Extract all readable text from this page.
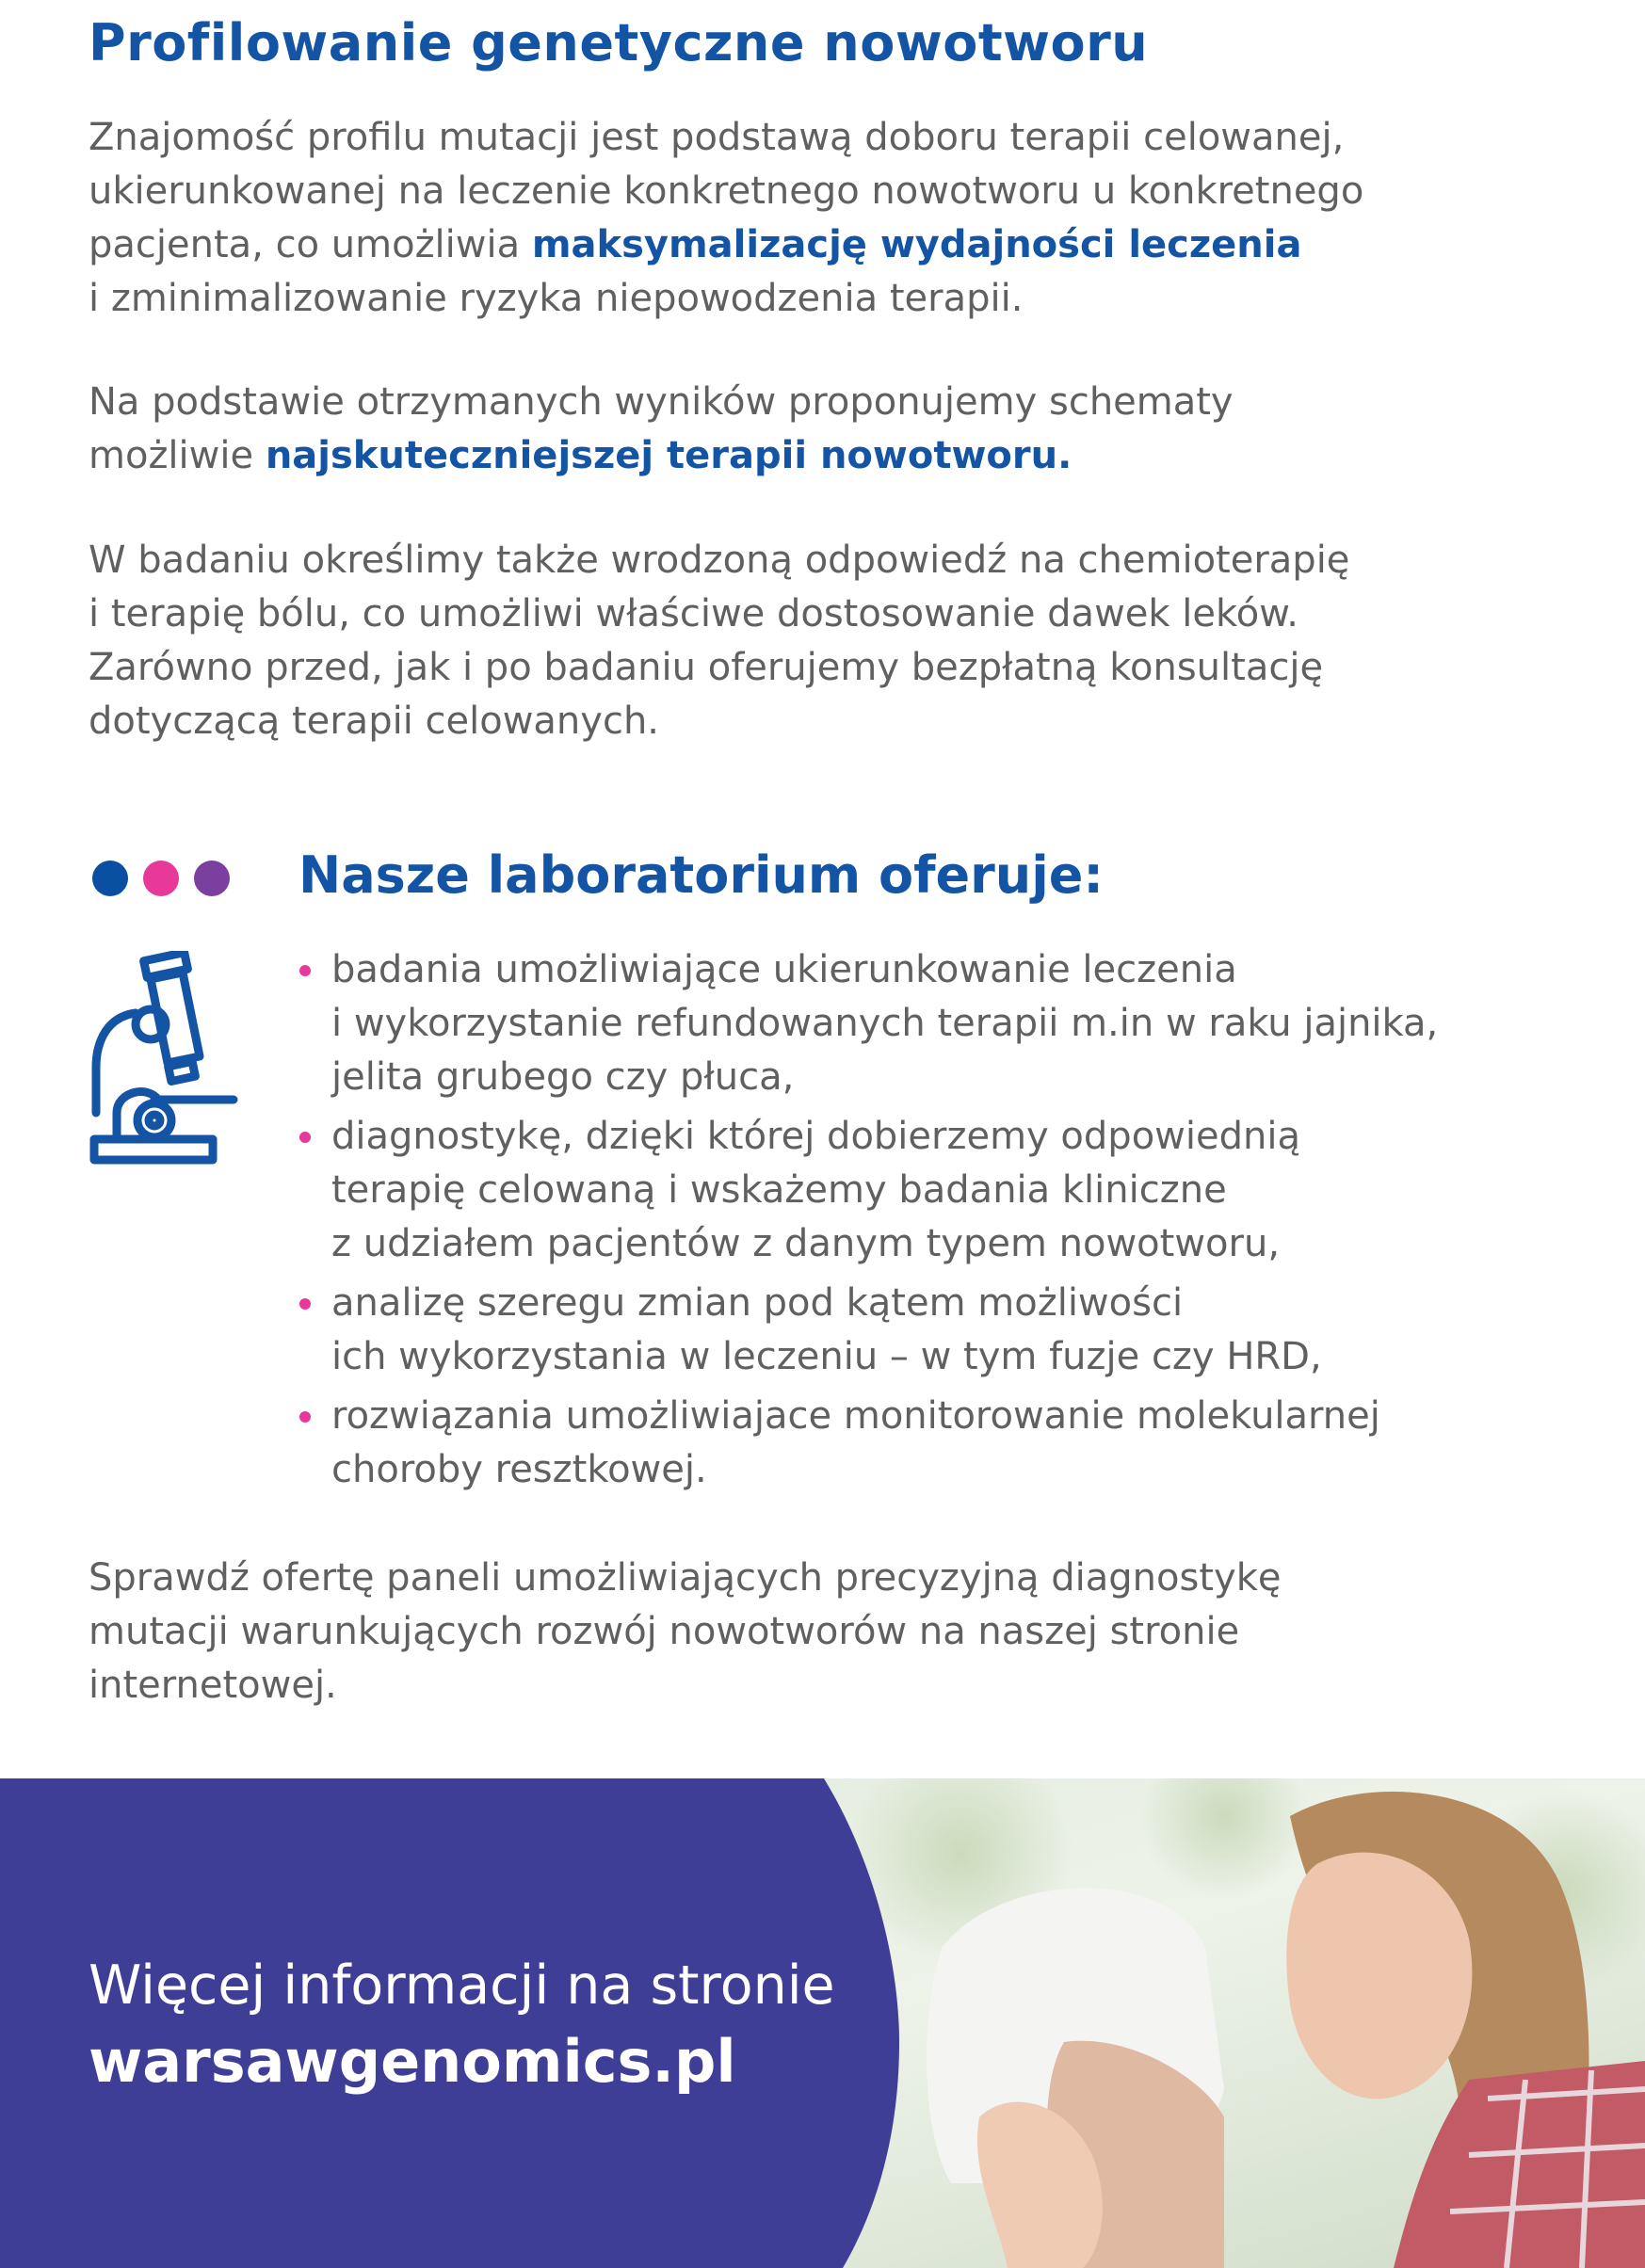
Profilowanie genetyczne nowotworu

Znajomość profilu mutacji jest podstawą doboru terapii celowanej,
ukierunkowanej na leczenie konkretnego nowotworu u konkretnego
pacjenta, co umożliwia maksymalizację wydajności leczenia
i zminimalizowanie ryzyka niepowodzenia terapii.

Na podstawie otrzymanych wyników proponujemy schematy
możliwie najskuteczniejszej terapii nowotworu.

W badaniu określimy także wrodzoną odpowiedź na chemioterapię
i terapię bólu, co umożliwi właściwe dostosowanie dawek leków.
Zarówno przed, jak i po badaniu oferujemy bezpłatną konsultację
dotyczącą terapii celowanych.

Nasze laboratorium oferuje:
badania umożliwiające ukierunkowanie leczenia
i wykorzystanie refundowanych terapii m.in w raku jajnika,
jelita grubego czy płuca,
diagnostykę, dzięki której dobierzemy odpowiednią
terapię celowaną i wskażemy badania kliniczne
z udziałem pacjentów z danym typem nowotworu,
analizę szeregu zmian pod kątem możliwości
ich wykorzystania w leczeniu – w tym fuzje czy HRD,
rozwiązania umożliwiajace monitorowanie molekularnej
choroby resztkowej.

Sprawdź ofertę paneli umożliwiających precyzyjną diagnostykę
mutacji warunkujących rozwój nowotworów na naszej stronie
internetowej.

Więcej informacji na stronie
warsawgenomics.pl
